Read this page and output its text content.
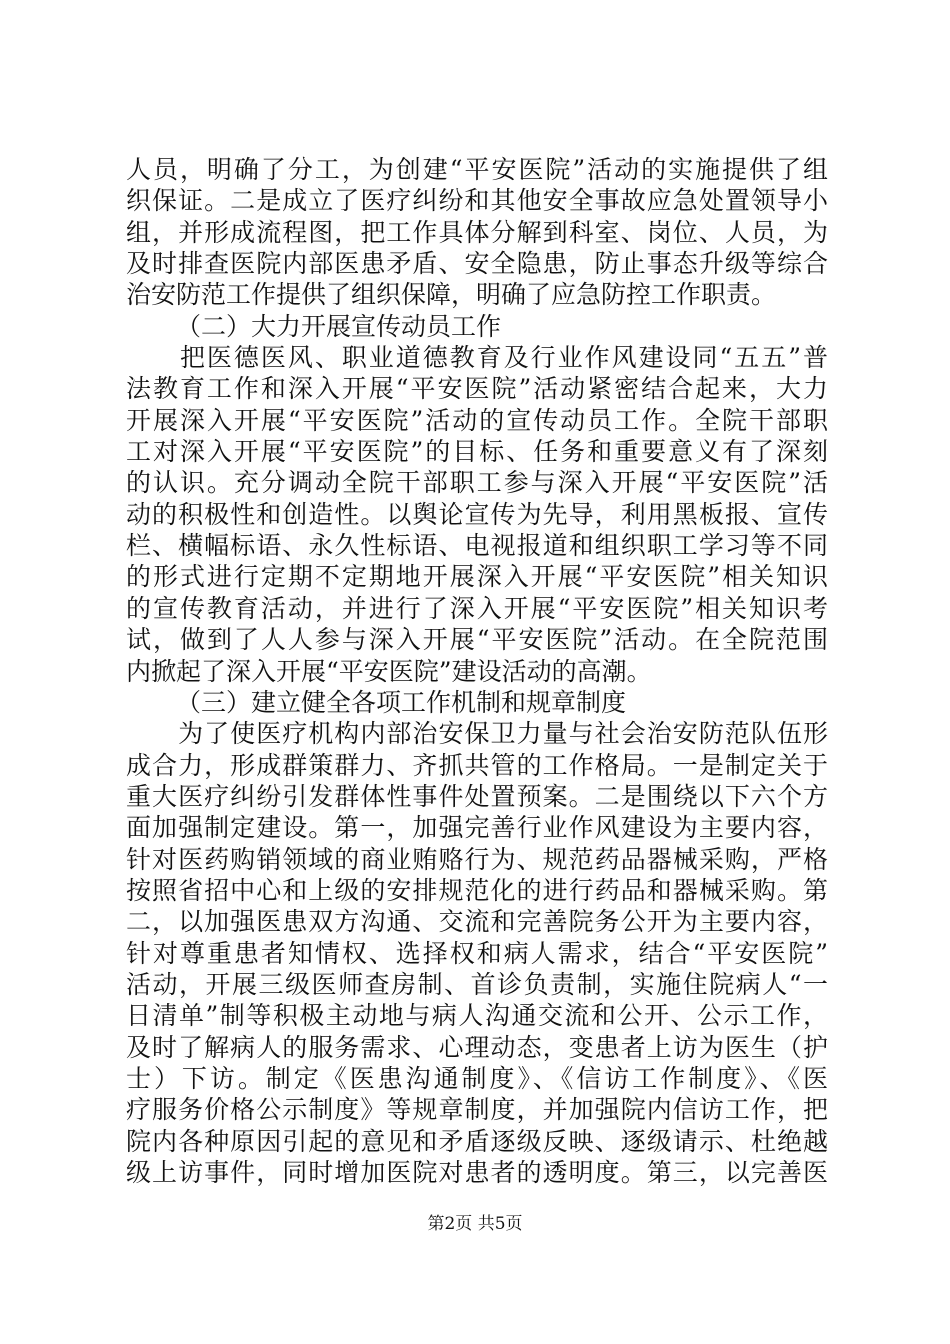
人员，明确了分工，为创建“平安医院”活动的实施提供了组
织保证。二是成立了医疗纠纷和其他安全事故应急处置领导小
组，并形成流程图，把工作具体分解到科室、岗位、人员，为
及时排查医院内部医患矛盾、安全隐患，防止事态升级等综合
治安防范工作提供了组织保障，明确了应急防控工作职责。
（二）大力开展宣传动员工作
　　把医德医风、职业道德教育及行业作风建设同“五五”普
法教育工作和深入开展“平安医院”活动紧密结合起来，大力
开展深入开展“平安医院”活动的宣传动员工作。全院干部职
工对深入开展“平安医院”的目标、任务和重要意义有了深刻
的认识。充分调动全院干部职工参与深入开展“平安医院”活
动的积极性和创造性。以舆论宣传为先导，利用黑板报、宣传
栏、横幅标语、永久性标语、电视报道和组织职工学习等不同
的形式进行定期不定期地开展深入开展“平安医院”相关知识
的宣传教育活动，并进行了深入开展“平安医院”相关知识考
试，做到了人人参与深入开展“平安医院”活动。在全院范围
内掀起了深入开展“平安医院”建设活动的高潮。
（三）建立健全各项工作机制和规章制度
　　为了使医疗机构内部治安保卫力量与社会治安防范队伍形
成合力，形成群策群力、齐抓共管的工作格局。一是制定关于
重大医疗纠纷引发群体性事件处置预案。二是围绕以下六个方
面加强制定建设。第一，加强完善行业作风建设为主要内容，
针对医药购销领域的商业贿赂行为、规范药品器械采购，严格
按照省招中心和上级的安排规范化的进行药品和器械采购。第
二，以加强医患双方沟通、交流和完善院务公开为主要内容，
针对尊重患者知情权、选择权和病人需求，结合“平安医院”
活动，开展三级医师查房制、首诊负责制，实施住院病人“一
日清单”制等积极主动地与病人沟通交流和公开、公示工作，
及时了解病人的服务需求、心理动态，变患者上访为医生（护
士）下访。制定《医患沟通制度》、《信访工作制度》、《医
疗服务价格公示制度》等规章制度，并加强院内信访工作，把
院内各种原因引起的意见和矛盾逐级反映、逐级请示、杜绝越
级上访事件，同时增加医院对患者的透明度。第三，以完善医
第2页 共5页
